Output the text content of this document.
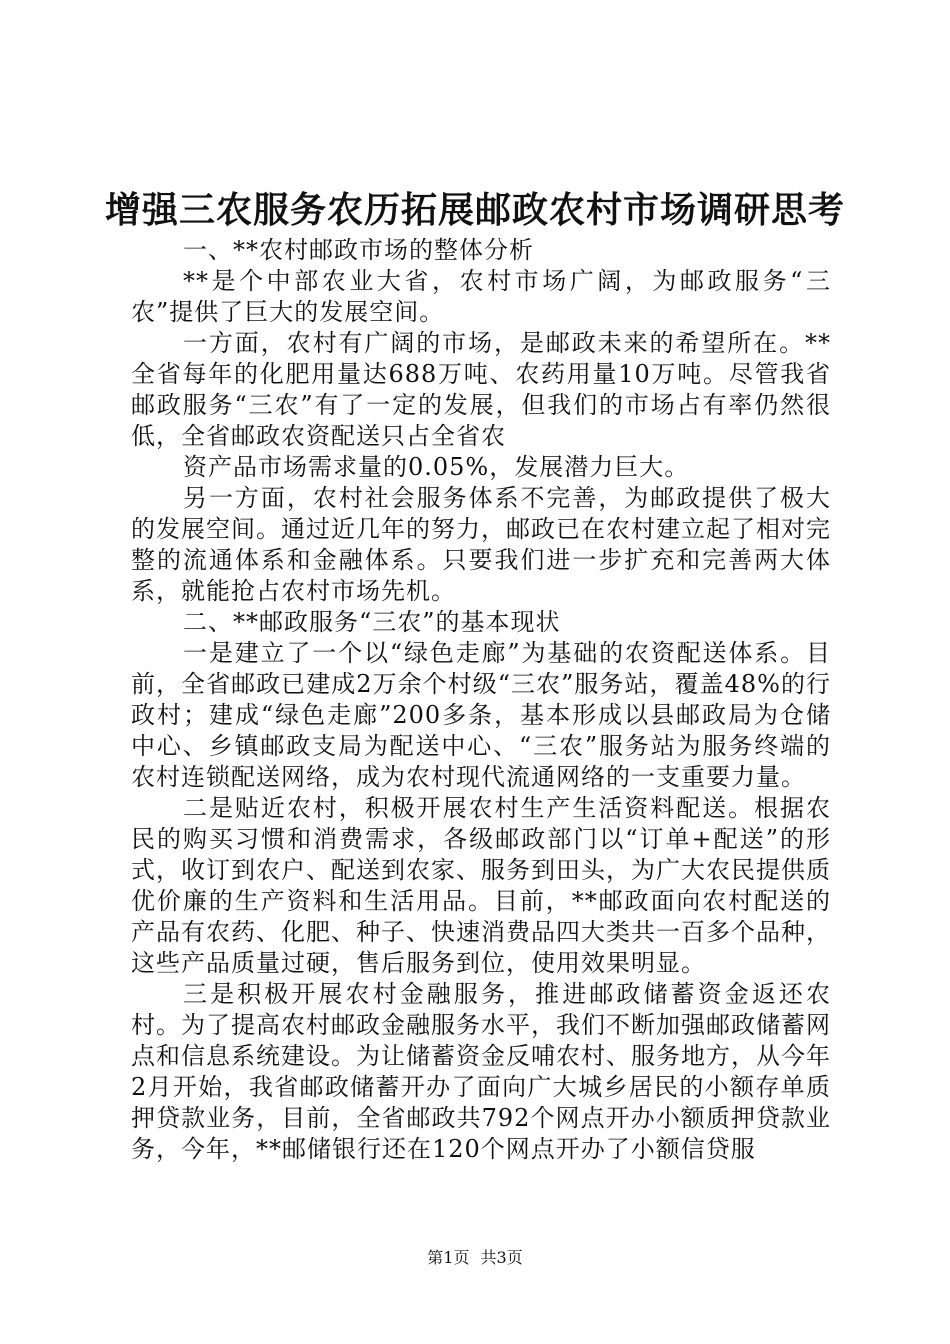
增强三农服务农历拓展邮政农村市场调研思考

一、**农村邮政市场的整体分析

**是个中部农业大省，农村市场广阔，为邮政服务“三农”提供了巨大的发展空间。

一方面，农村有广阔的市场，是邮政未来的希望所在。**全省每年的化肥用量达688万吨、农药用量10万吨。尽管我省邮政服务“三农”有了一定的发展，但我们的市场占有率仍然很低，全省邮政农资配送只占全省农

资产品市场需求量的0.05%，发展潜力巨大。

另一方面，农村社会服务体系不完善，为邮政提供了极大的发展空间。通过近几年的努力，邮政已在农村建立起了相对完整的流通体系和金融体系。只要我们进一步扩充和完善两大体系，就能抢占农村市场先机。

二、**邮政服务“三农”的基本现状

一是建立了一个以“绿色走廊”为基础的农资配送体系。目前，全省邮政已建成2万余个村级“三农”服务站，覆盖48%的行政村；建成“绿色走廊”200多条，基本形成以县邮政局为仓储中心、乡镇邮政支局为配送中心、“三农”服务站为服务终端的农村连锁配送网络，成为农村现代流通网络的一支重要力量。

二是贴近农村，积极开展农村生产生活资料配送。根据农民的购买习惯和消费需求，各级邮政部门以“订单+配送”的形式，收订到农户、配送到农家、服务到田头，为广大农民提供质优价廉的生产资料和生活用品。目前，**邮政面向农村配送的产品有农药、化肥、种子、快速消费品四大类共一百多个品种，这些产品质量过硬，售后服务到位，使用效果明显。

三是积极开展农村金融服务，推进邮政储蓄资金返还农村。为了提高农村邮政金融服务水平，我们不断加强邮政储蓄网点和信息系统建设。为让储蓄资金反哺农村、服务地方，从今年2月开始，我省邮政储蓄开办了面向广大城乡居民的小额存单质押贷款业务，目前，全省邮政共792个网点开办小额质押贷款业务，今年，**邮储银行还在120个网点开办了小额信贷服

第1页 共3页
